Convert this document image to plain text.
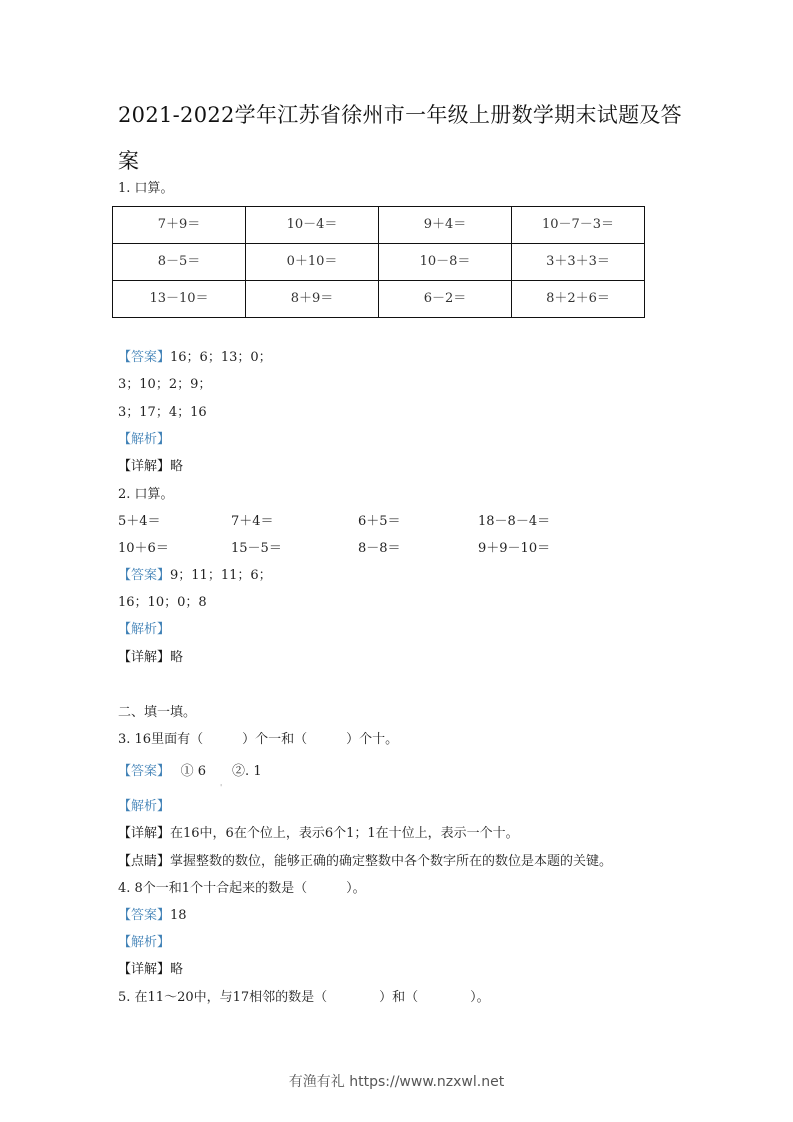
2021-2022学年江苏省徐州市一年级上册数学期末试题及答
案
1. 口算。
7＋9＝	10－4＝	9＋4＝	10－7－3＝
8－5＝	0＋10＝	10－8＝	3＋3＋3＝
13－10＝	8＋9＝	6－2＝	8＋2＋6＝
【答案】16；6；13；0；
3；10；2；9；
3；17；4；16
【解析】
【详解】略
2. 口算。
5＋4＝	7＋4＝	6＋5＝	18－8－4＝
10＋6＝	15－5＝	8－8＝	9＋9－10＝
【答案】9；11；11；6；
16；10；0；8
【解析】
【详解】略
二、填一填。
3. 16里面有（　　　）个一和（　　　）个十。
【答案】　 ① 6　　②. 1
'
【解析】
【详解】在16中，6在个位上，表示6个1；1在十位上，表示一个十。
【点睛】掌握整数的数位，能够正确的确定整数中各个数字所在的数位是本题的关键。
4. 8个一和1个十合起来的数是（　　　）。
【答案】18
【解析】
【详解】略
5. 在11～20中，与17相邻的数是（　　　　）和（　　　　）。
有渔有礼 https://www.nzxwl.net
